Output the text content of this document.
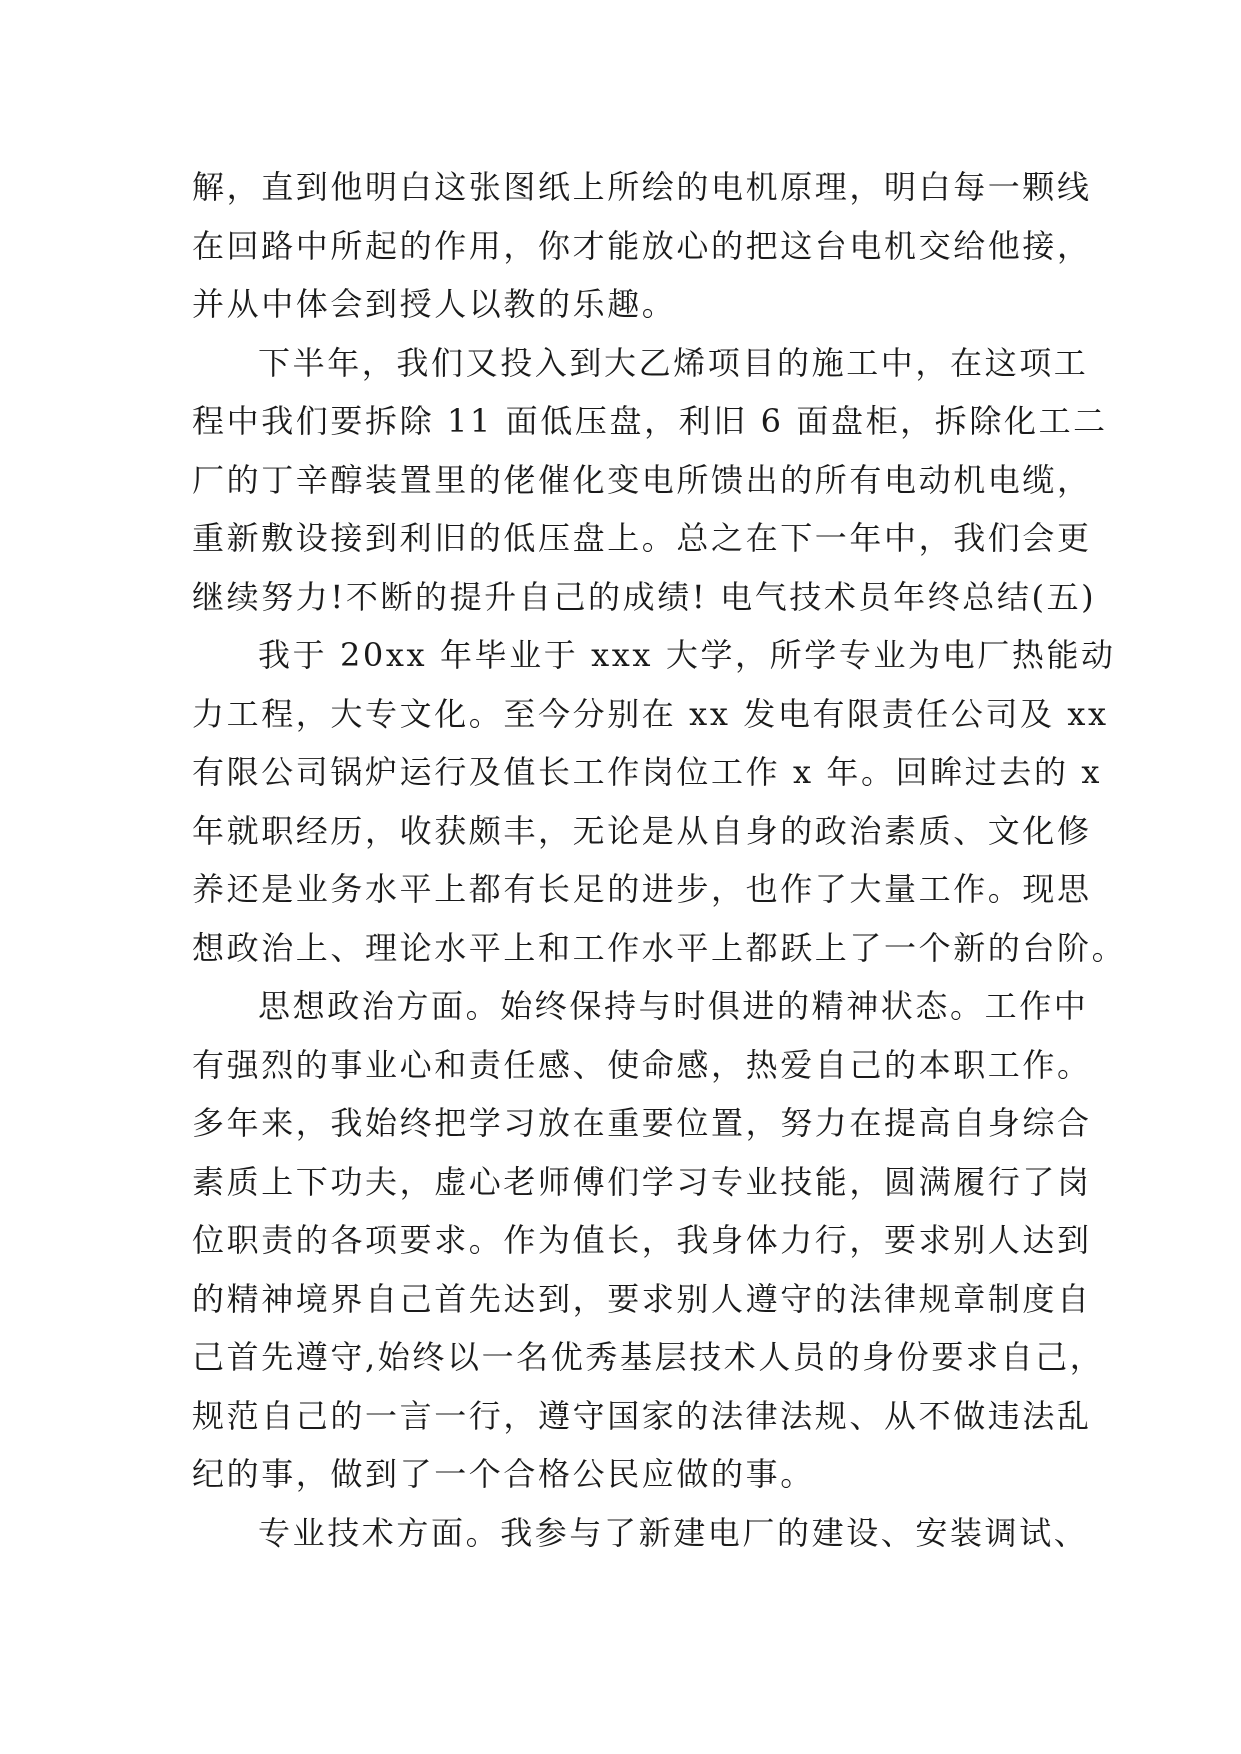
解，直到他明白这张图纸上所绘的电机原理，明白每一颗线
在回路中所起的作用，你才能放心的把这台电机交给他接，
并从中体会到授人以教的乐趣。
下半年，我们又投入到大乙烯项目的施工中，在这项工
程中我们要拆除 11 面低压盘，利旧 6 面盘柜，拆除化工二
厂的丁辛醇装置里的佬催化变电所馈出的所有电动机电缆，
重新敷设接到利旧的低压盘上。总之在下一年中，我们会更
继续努力!不断的提升自己的成绩! 电气技术员年终总结(五)
我于 20xx 年毕业于 xxx 大学，所学专业为电厂热能动
力工程，大专文化。至今分别在 xx 发电有限责任公司及 xx
有限公司锅炉运行及值长工作岗位工作 x 年。回眸过去的 x
年就职经历，收获颇丰，无论是从自身的政治素质、文化修
养还是业务水平上都有长足的进步，也作了大量工作。现思
想政治上、理论水平上和工作水平上都跃上了一个新的台阶。
思想政治方面。始终保持与时俱进的精神状态。工作中
有强烈的事业心和责任感、使命感，热爱自己的本职工作。
多年来，我始终把学习放在重要位置，努力在提高自身综合
素质上下功夫，虚心老师傅们学习专业技能，圆满履行了岗
位职责的各项要求。作为值长，我身体力行，要求别人达到
的精神境界自己首先达到，要求别人遵守的法律规章制度自
己首先遵守,始终以一名优秀基层技术人员的身份要求自己，
规范自己的一言一行，遵守国家的法律法规、从不做违法乱
纪的事，做到了一个合格公民应做的事。
专业技术方面。我参与了新建电厂的建设、安装调试、
